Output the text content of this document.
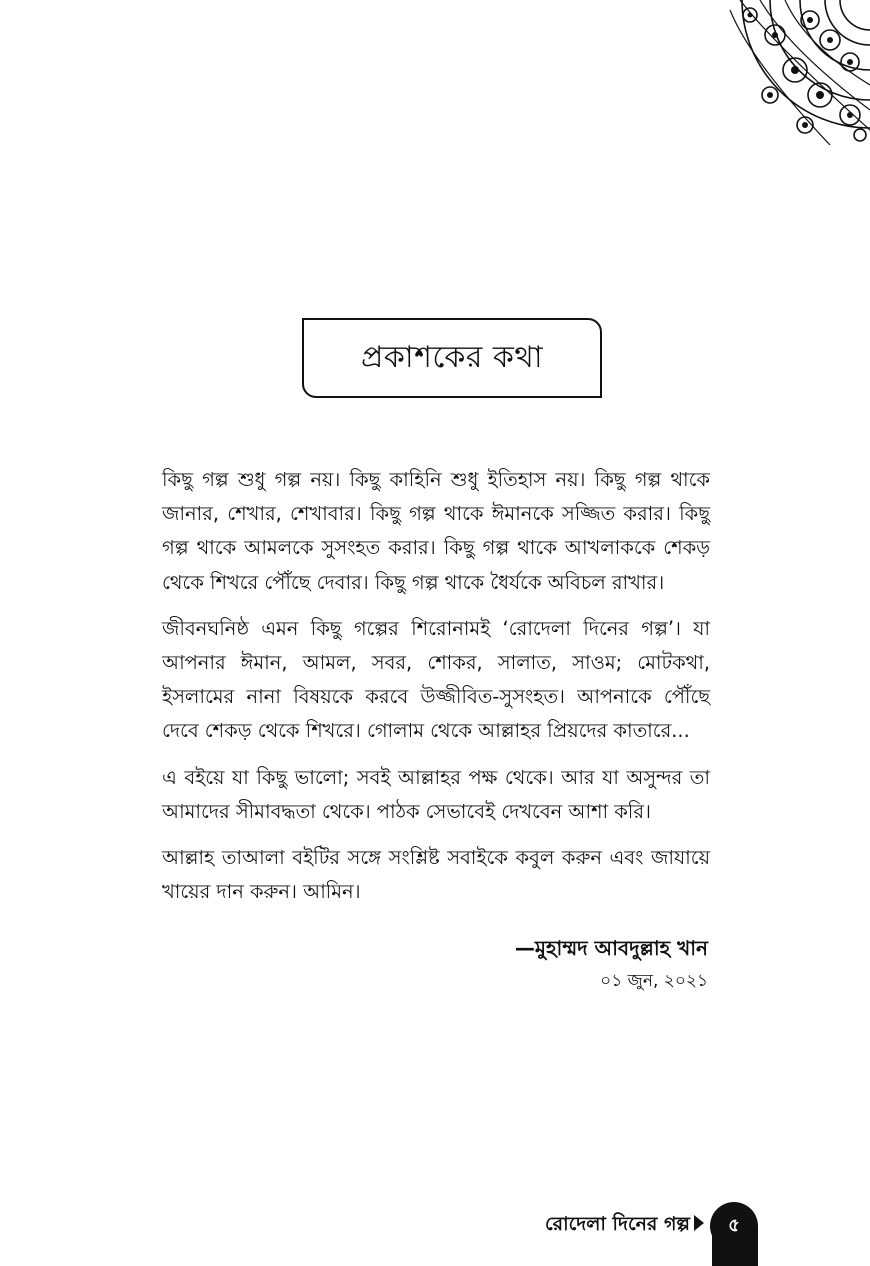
প্রকাশকের কথা

কিছু গল্প শুধু গল্প নয়। কিছু কাহিনি শুধু ইতিহাস নয়। কিছু গল্প থাকে জানার, শেখার, শেখাবার। কিছু গল্প থাকে ঈমানকে সজ্জিত করার। কিছু গল্প থাকে আমলকে সুসংহত করার। কিছু গল্প থাকে আখলাককে শেকড় থেকে শিখরে পৌঁছে দেবার। কিছু গল্প থাকে ধৈর্যকে অবিচল রাখার।

জীবনঘনিষ্ঠ এমন কিছু গল্পের শিরোনামই ‘রোদেলা দিনের গল্প’। যা আপনার ঈমান, আমল, সবর, শোকর, সালাত, সাওম; মোটকথা, ইসলামের নানা বিষয়কে করবে উজ্জীবিত-সুসংহত। আপনাকে পৌঁছে দেবে শেকড় থেকে শিখরে। গোলাম থেকে আল্লাহর প্রিয়দের কাতারে...

এ বইয়ে যা কিছু ভালো; সবই আল্লাহর পক্ষ থেকে। আর যা অসুন্দর তা আমাদের সীমাবদ্ধতা থেকে। পাঠক সেভাবেই দেখবেন আশা করি।

আল্লাহ তাআলা বইটির সঙ্গে সংশ্লিষ্ট সবাইকে কবুল করুন এবং জাযায়ে খায়ের দান করুন। আমিন।

—মুহাম্মদ আবদুল্লাহ খান
০১ জুন, ২০২১
রোদেলা দিনের গল্প	৫
